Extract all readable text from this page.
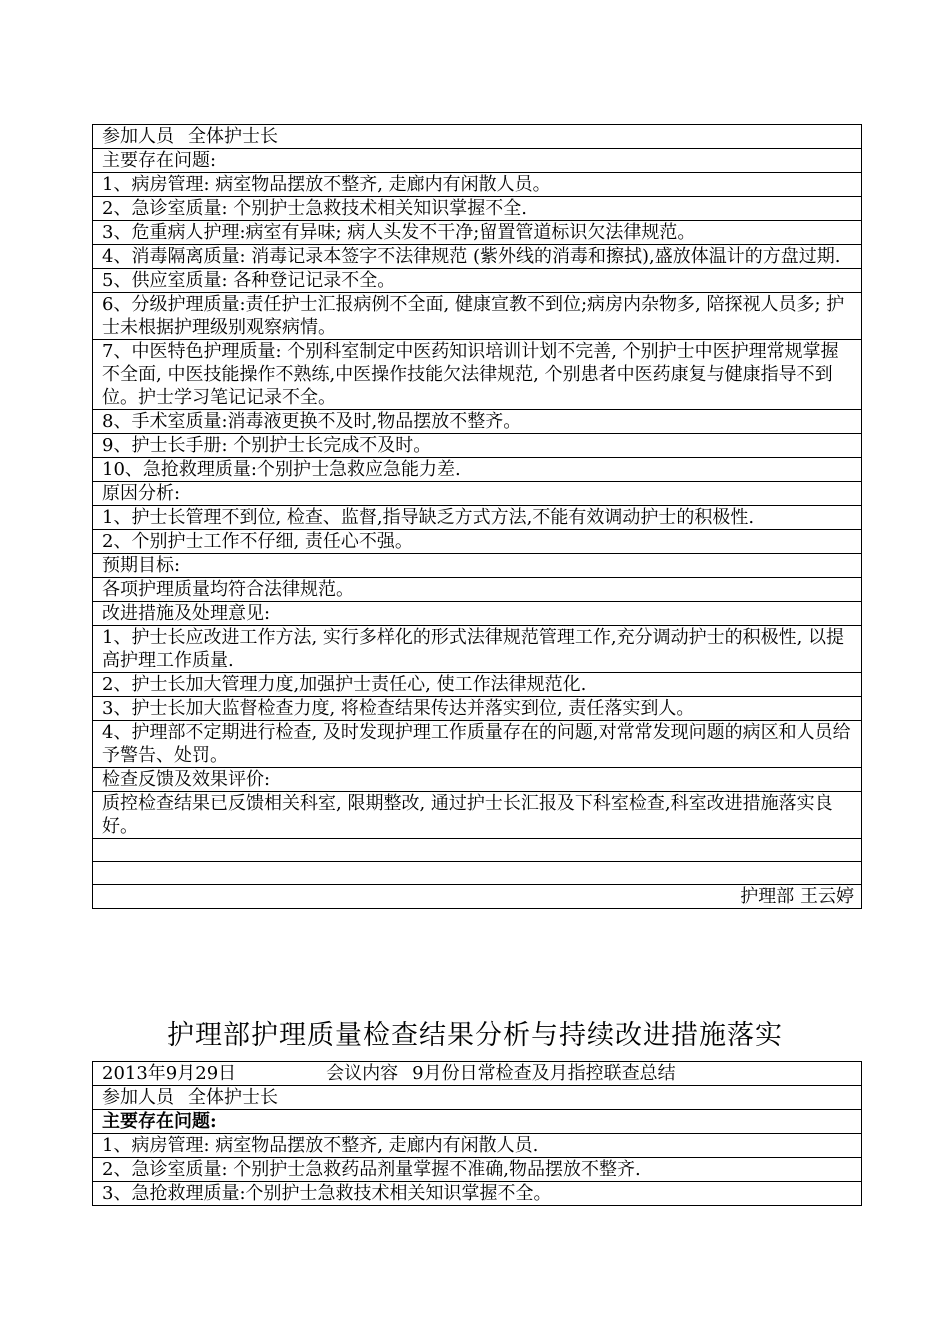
参加人员 全体护士长
主要存在问题:
1、病房管理: 病室物品摆放不整齐, 走廊内有闲散人员。
2、急诊室质量: 个别护士急救技术相关知识掌握不全.
3、危重病人护理:病室有异味; 病人头发不干净;留置管道标识欠法律规范。
4、消毒隔离质量: 消毒记录本签字不法律规范 (紫外线的消毒和擦拭),盛放体温计的方盘过期.
5、供应室质量: 各种登记记录不全。
6、分级护理质量:责任护士汇报病例不全面, 健康宣教不到位;病房内杂物多, 陪探视人员多; 护士未根据护理级别观察病情。
7、中医特色护理质量: 个别科室制定中医药知识培训计划不完善, 个别护士中医护理常规掌握不全面, 中医技能操作不熟练,中医操作技能欠法律规范, 个别患者中医药康复与健康指导不到位。护士学习笔记记录不全。
8、手术室质量:消毒液更换不及时,物品摆放不整齐。
9、护士长手册: 个别护士长完成不及时。
10、急抢救理质量:个别护士急救应急能力差.
原因分析:
1、护士长管理不到位, 检查、监督,指导缺乏方式方法,不能有效调动护士的积极性.
2、个别护士工作不仔细, 责任心不强。
预期目标:
各项护理质量均符合法律规范。
改进措施及处理意见:
1、护士长应改进工作方法, 实行多样化的形式法律规范管理工作,充分调动护士的积极性, 以提高护理工作质量.
2、护士长加大管理力度,加强护士责任心, 使工作法律规范化.
3、护士长加大监督检查力度, 将检查结果传达并落实到位, 责任落实到人。
4、护理部不定期进行检查, 及时发现护理工作质量存在的问题,对常常发现问题的病区和人员给予警告、处罚。
检查反馈及效果评价:
质控检查结果已反馈相关科室, 限期整改, 通过护士长汇报及下科室检查,科室改进措施落实良好。

护理部 王云婷
护理部护理质量检查结果分析与持续改进措施落实
2013年9月29日	会议内容 9月份日常检查及月指控联查总结
参加人员 全体护士长
主要存在问题:
1、病房管理: 病室物品摆放不整齐, 走廊内有闲散人员.
2、急诊室质量: 个别护士急救药品剂量掌握不准确,物品摆放不整齐.
3、急抢救理质量:个别护士急救技术相关知识掌握不全。
